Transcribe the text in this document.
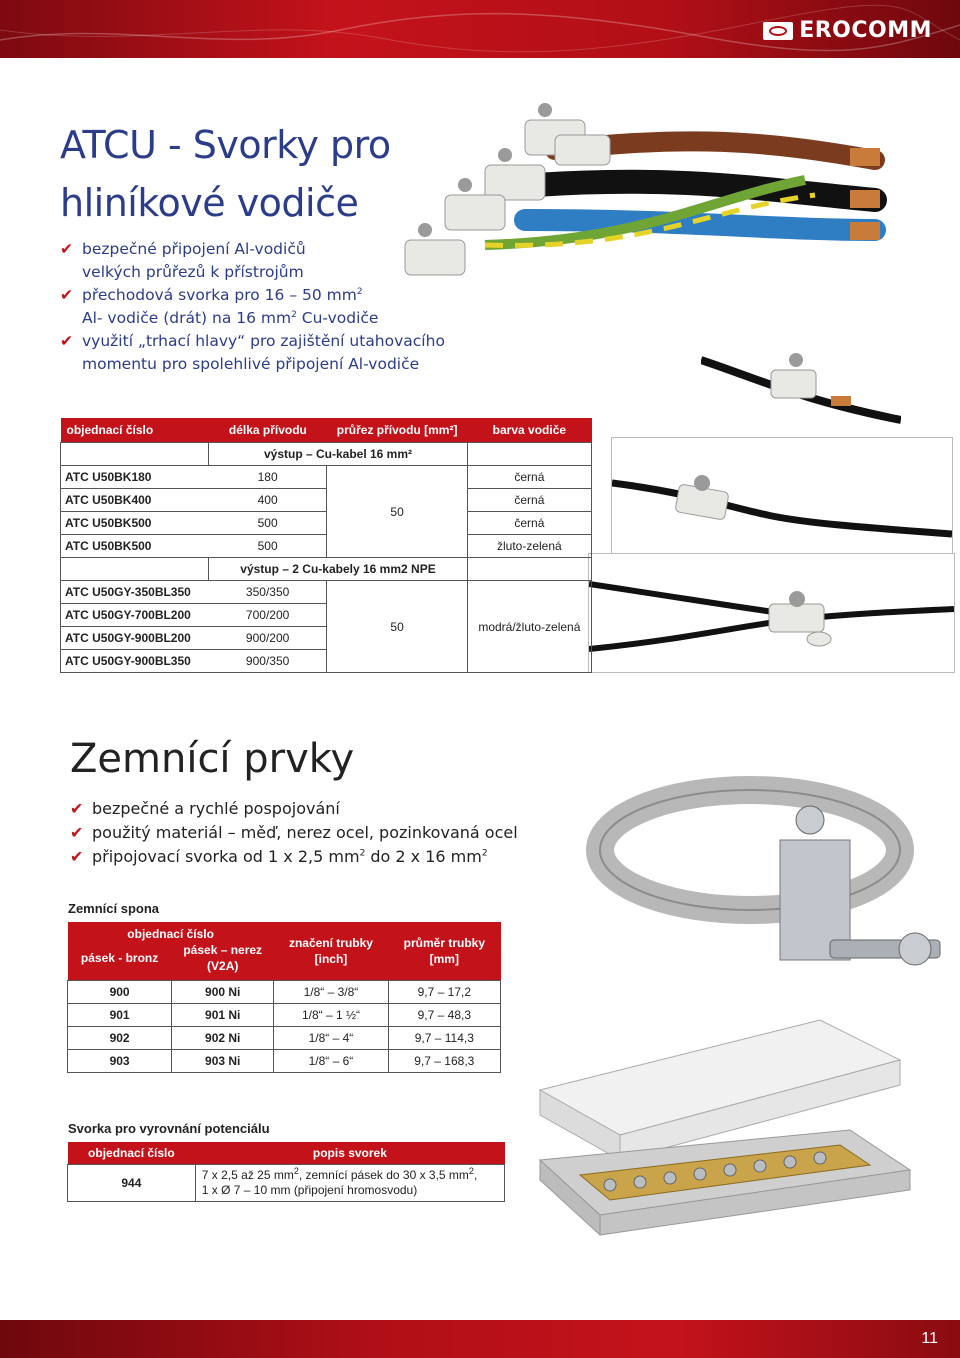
EROCOMM
ATCU - Svorky pro
hliníkové vodiče
✔ bezpečné připojení Al-vodičů
velkých průřezů k přístrojům
✔ přechodová svorka pro 16 – 50 $mm^2$
Al- vodiče (drát) na 16 $mm^2$ Cu-vodiče
✔ využití „trhací hlavy“ pro zajištění utahovacího
momentu pro spolehlivé připojení Al-vodiče
objednací číslo	délka přívodu	průřez přívodu [mm²]	barva vodiče
	výstup – Cu-kabel 16 mm²		
ATC U50BK180	180	50	černá
ATC U50BK400	400		černá
ATC U50BK500	500		černá
ATC U50BK500	500		žluto-zelená
	výstup – 2 Cu-kabely 16 mm2 NPE		
ATC U50GY-350BL350	350/350	50	modrá/žluto-zelená
ATC U50GY-700BL200	700/200		
ATC U50GY-900BL200	900/200		
ATC U50GY-900BL350	900/350		
Zemnící prvky
✔ bezpečné a rychlé pospojování
✔ použitý materiál – měď, nerez ocel, pozinkovaná ocel
✔ připojovací svorka od 1 x 2,5 $mm^2$ do 2 x 16 $mm^2$
Zemnící spona
objednací číslo		značení trubky [inch]	průměr trubky [mm]
pásek - bronz	pásek – nerez (V2A)		
900	900 Ni	1/8“ – 3/8“	9,7 – 17,2
901	901 Ni	1/8“ – 1 ½“	9,7 – 48,3
902	902 Ni	1/8“ – 4“	9,7 – 114,3
903	903 Ni	1/8“ – 6“	9,7 – 168,3
Svorka pro vyrovnání potenciálu
objednací číslo	popis svorek
944	7 x 2,5 až 25 $mm^2$, zemnící pásek do 30 x 3,5 $mm^2$,
1 x Ø 7 – 10 mm (připojení hromosvodu)
11
